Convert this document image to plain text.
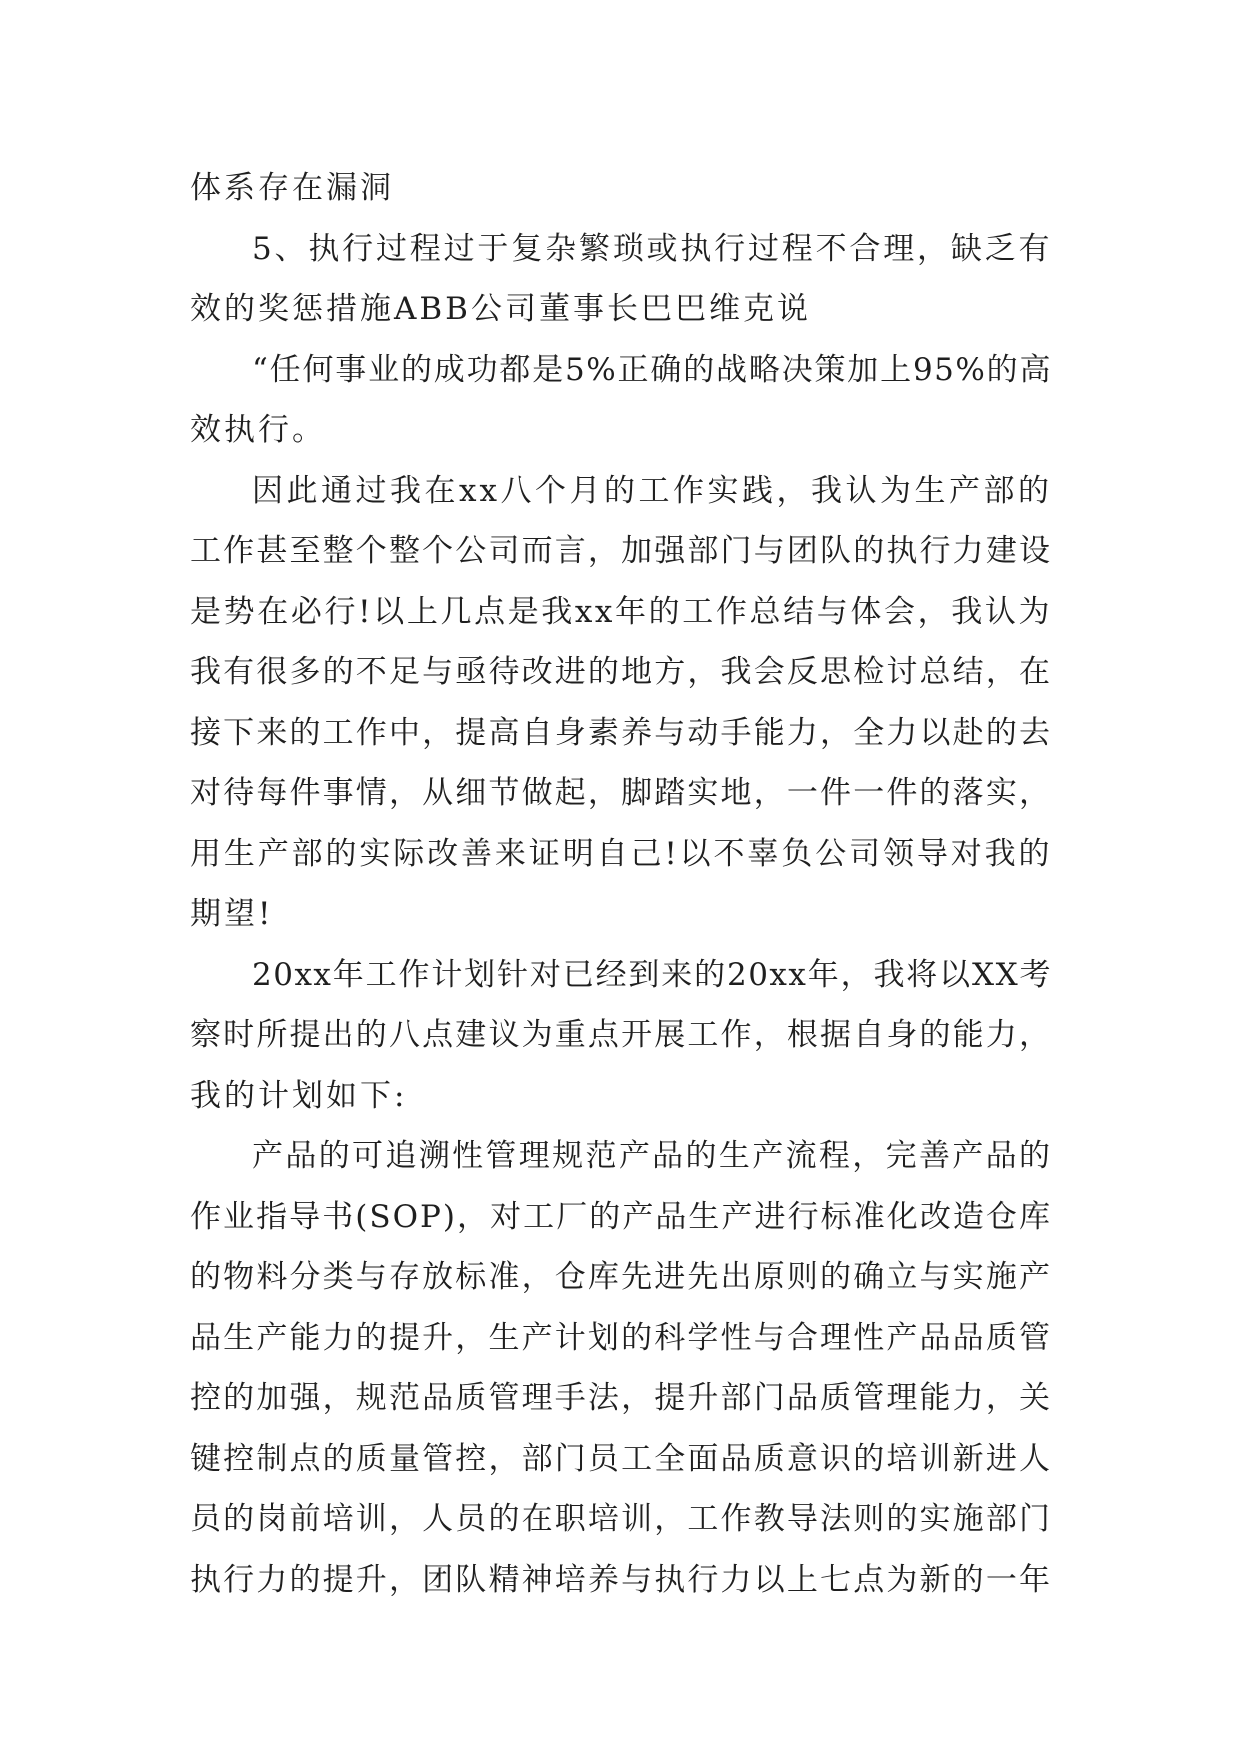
体系存在漏洞
5、执行过程过于复杂繁琐或执行过程不合理，缺乏有
效的奖惩措施ABB公司董事长巴巴维克说
“任何事业的成功都是5%正确的战略决策加上95%的高
效执行。
因此通过我在xx八个月的工作实践，我认为生产部的
工作甚至整个整个公司而言，加强部门与团队的执行力建设
是势在必行!以上几点是我xx年的工作总结与体会，我认为
我有很多的不足与亟待改进的地方，我会反思检讨总结，在
接下来的工作中，提高自身素养与动手能力，全力以赴的去
对待每件事情，从细节做起，脚踏实地，一件一件的落实，
用生产部的实际改善来证明自己!以不辜负公司领导对我的
期望!
20xx年工作计划针对已经到来的20xx年，我将以XX考
察时所提出的八点建议为重点开展工作，根据自身的能力，
我的计划如下:
产品的可追溯性管理规范产品的生产流程，完善产品的
作业指导书(SOP)，对工厂的产品生产进行标准化改造仓库
的物料分类与存放标准，仓库先进先出原则的确立与实施产
品生产能力的提升，生产计划的科学性与合理性产品品质管
控的加强，规范品质管理手法，提升部门品质管理能力，关
键控制点的质量管控，部门员工全面品质意识的培训新进人
员的岗前培训，人员的在职培训，工作教导法则的实施部门
执行力的提升，团队精神培养与执行力以上七点为新的一年
